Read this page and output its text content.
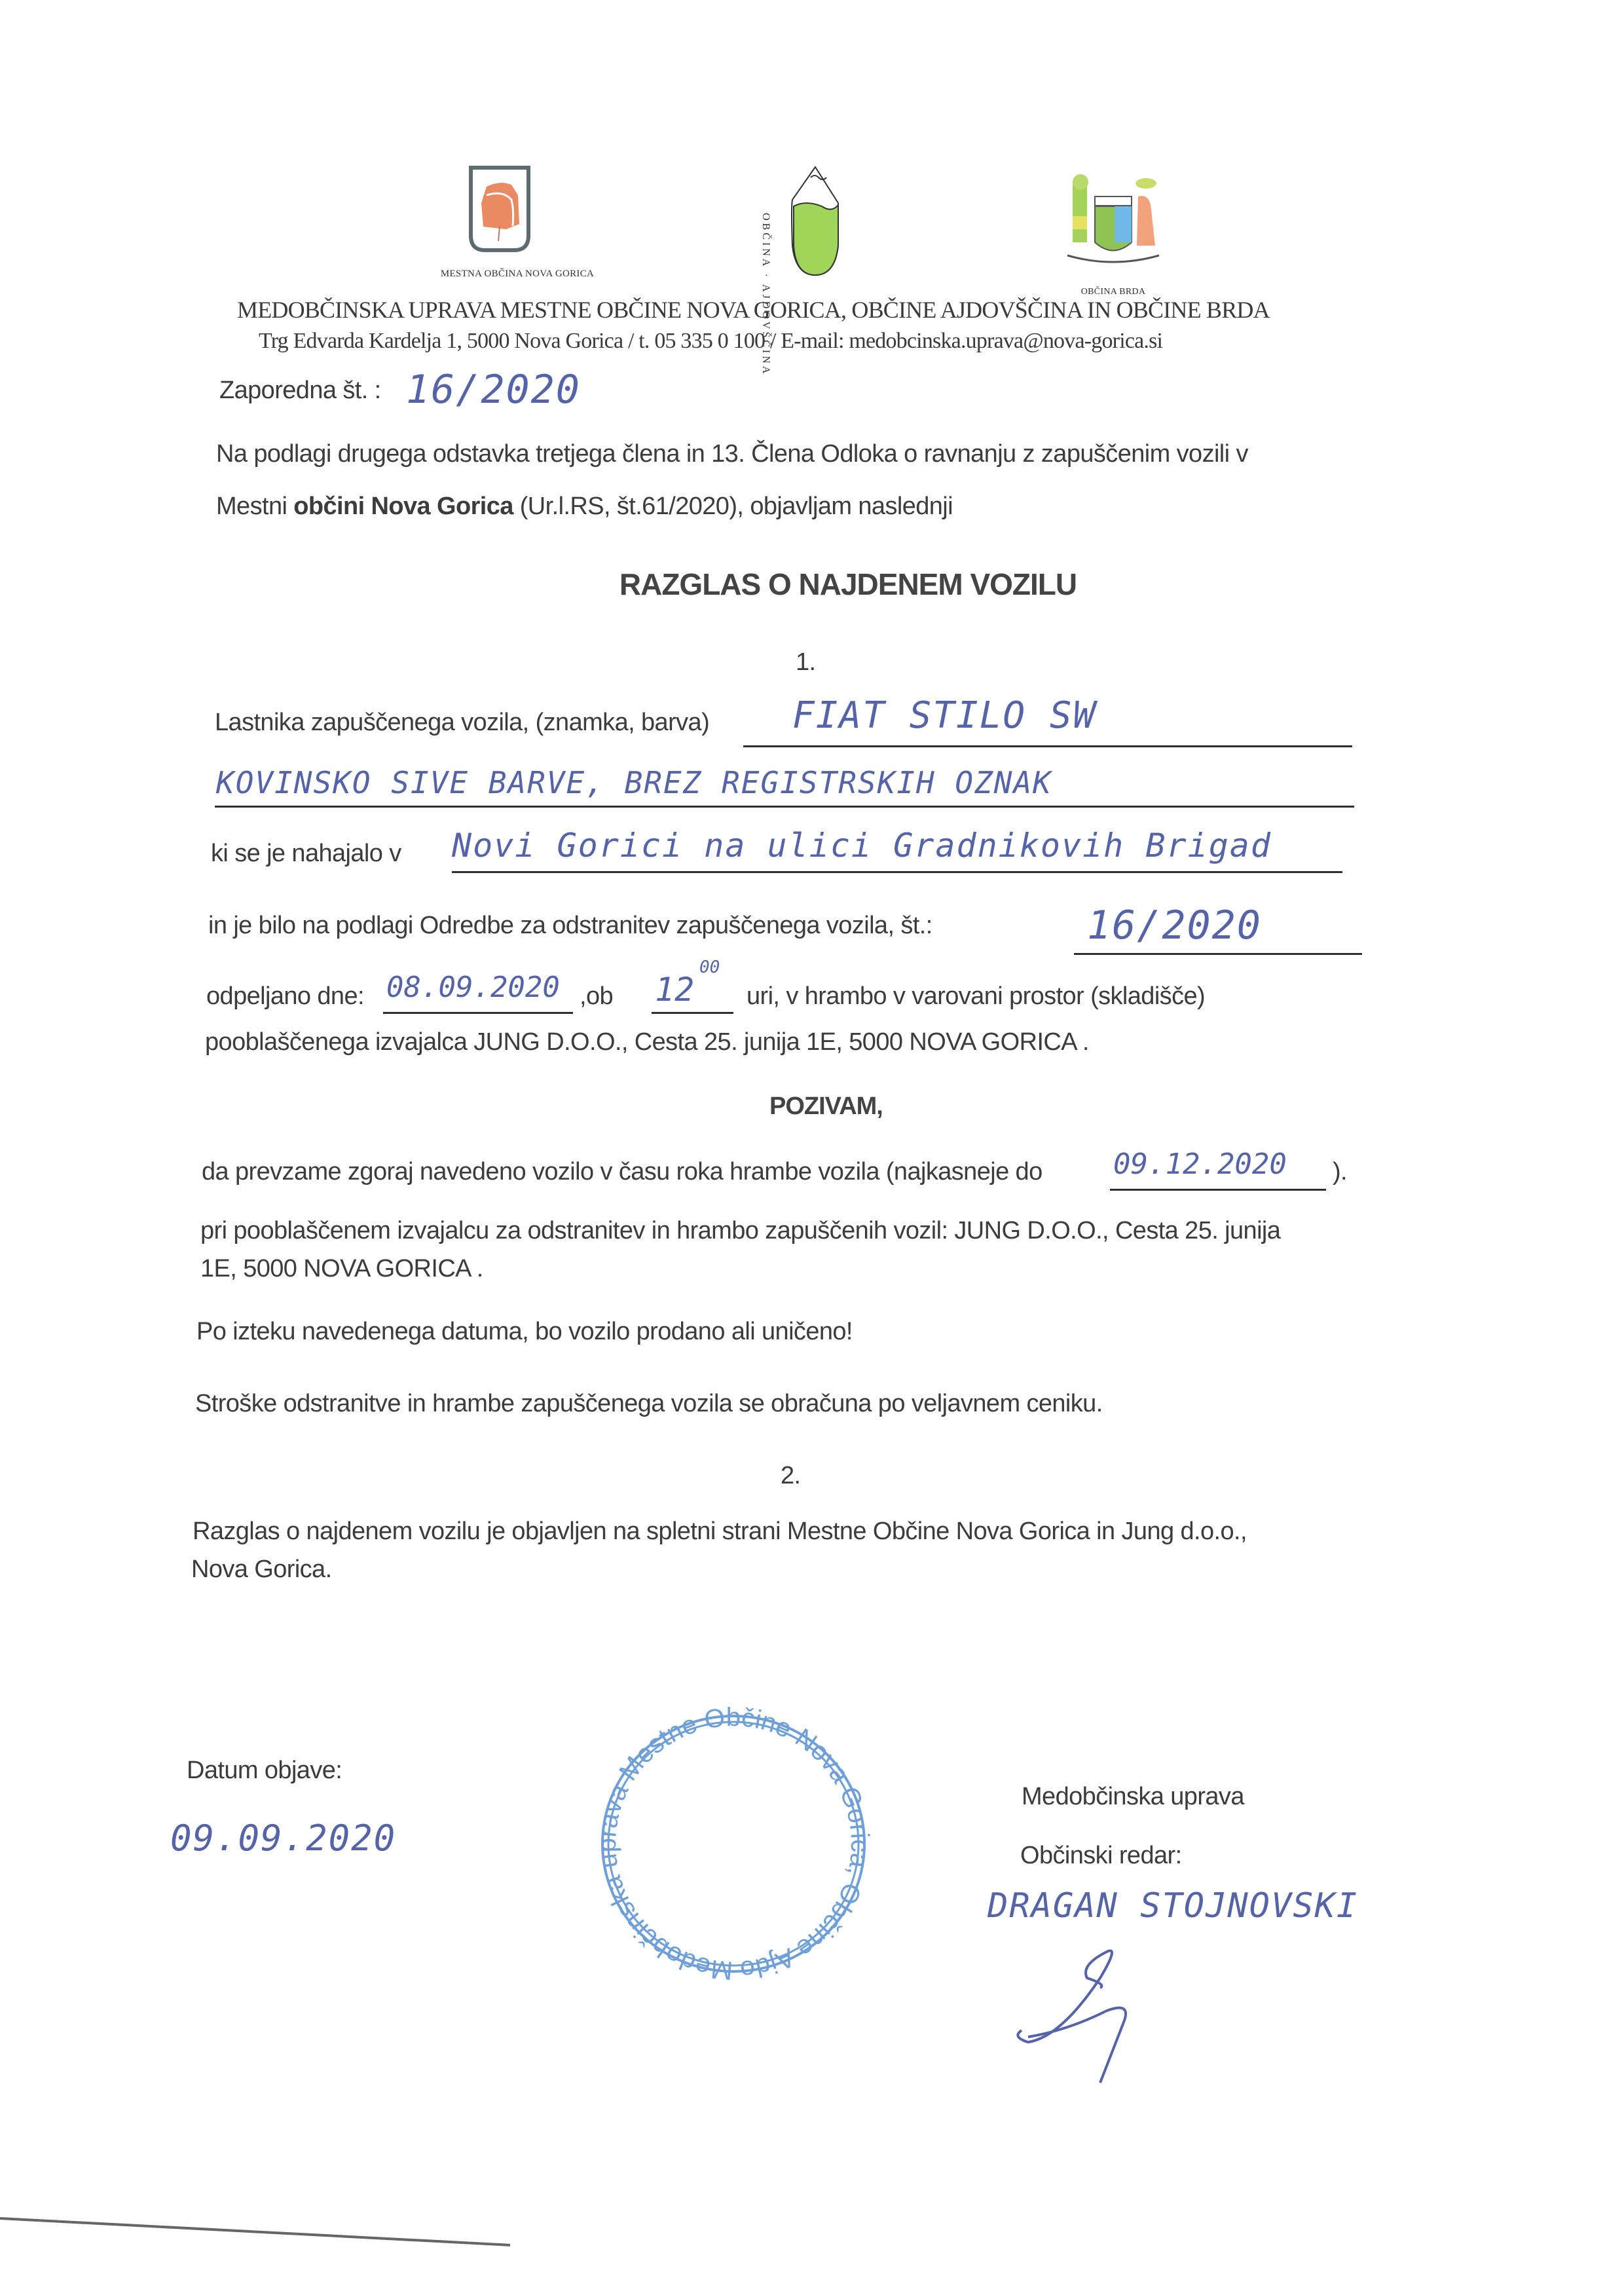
MESTNA OBČINA NOVA GORICA	OBČINA · AJDOVŠČINA	OBČINA BRDA
MEDOBČINSKA UPRAVA MESTNE OBČINE NOVA GORICA, OBČINE AJDOVŠČINA IN OBČINE BRDA
Trg Edvarda Kardelja 1, 5000 Nova Gorica / t. 05 335 0 100 / E-mail: medobcinska.uprava@nova-gorica.si
Zaporedna št. : 16/2020
Na podlagi drugega odstavka tretjega člena in 13. Člena Odloka o ravnanju z zapuščenim vozili v
Mestni občini Nova Gorica (Ur.l.RS, št.61/2020), objavljam naslednji
RAZGLAS O NAJDENEM VOZILU
1.
Lastnika zapuščenega vozila, (znamka, barva) FIAT STILO SW
KOVINSKO SIVE BARVE, BREZ REGISTRSKIH OZNAK
ki se je nahajalo v Novi Gorici na ulici Gradnikovih Brigad
in je bilo na podlagi Odredbe za odstranitev zapuščenega vozila, št.:	16/2020
odpeljano dne: 08.09.2020 ,ob 12
00
uri, v hrambo v varovani prostor (skladišče)
pooblaščenega izvajalca JUNG D.O.O., Cesta 25. junija 1E, 5000 NOVA GORICA .
POZIVAM,
da prevzame zgoraj navedeno vozilo v času roka hrambe vozila (najkasneje do 09.12.2020 ).
pri pooblaščenem izvajalcu za odstranitev in hrambo zapuščenih vozil: JUNG D.O.O., Cesta 25. junija
1E, 5000 NOVA GORICA .
Po izteku navedenega datuma, bo vozilo prodano ali uničeno!
Stroške odstranitve in hrambe zapuščenega vozila se obračuna po veljavnem ceniku.
2.
Razglas o najdenem vozilu je objavljen na spletni strani Mestne Občine Nova Gorica in Jung d.o.o.,
Nova Gorica.
Datum objave:
09.09.2020
Medobčinska uprava Mestne Občine Nova Gorica, Občine Ajdo
Medobčinska uprava
Občinski redar:
DRAGAN STOJNOVSKI
